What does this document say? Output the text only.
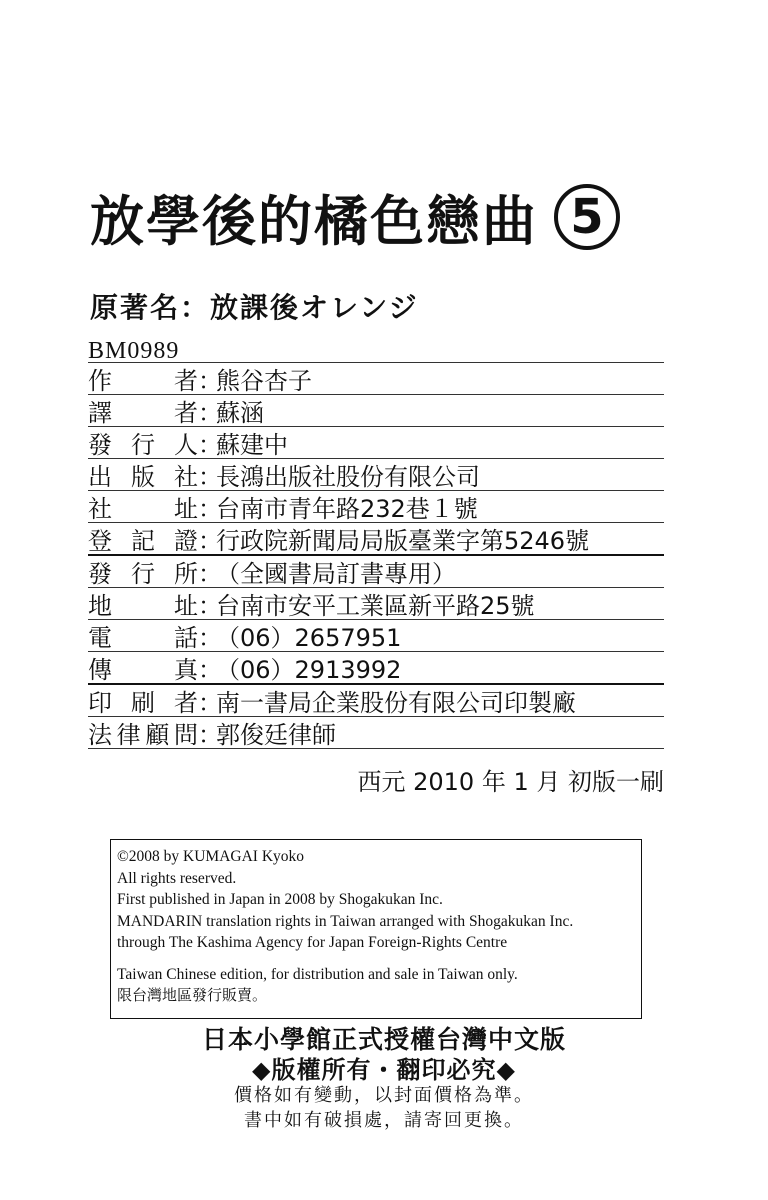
放學後的橘色戀曲 5
原著名：放課後オレンジ
BM0989
作	者 ：
熊谷杏子
譯	者 ：
蘇涵
發 行 人 ：
蘇建中
出 版 社 ：
長鴻出版社股份有限公司
社	址 ：
台南市青年路232巷１號
登 記 證 ：
行政院新聞局局版臺業字第5246號
發 行 所 ：
（全國書局訂書專用）
地	址 ：
台南市安平工業區新平路25號
電	話 ：
（06）2657951
傳	真 ：
（06）2913992
印 刷 者 ：
南一書局企業股份有限公司印製廠
法 律 顧 問 ：
郭俊廷律師
西元 2010 年 1 月 初版一刷
©2008 by KUMAGAI Kyoko
All rights reserved.
First published in Japan in 2008 by Shogakukan Inc.
MANDARIN translation rights in Taiwan arranged with Shogakukan Inc.
through The Kashima Agency for Japan Foreign-Rights Centre
Taiwan Chinese edition, for distribution and sale in Taiwan only.
限台灣地區發行販賣。
日本小學館正式授權台灣中文版
◆版權所有・翻印必究◆
價格如有變動，以封面價格為準。
書中如有破損處，請寄回更換。
